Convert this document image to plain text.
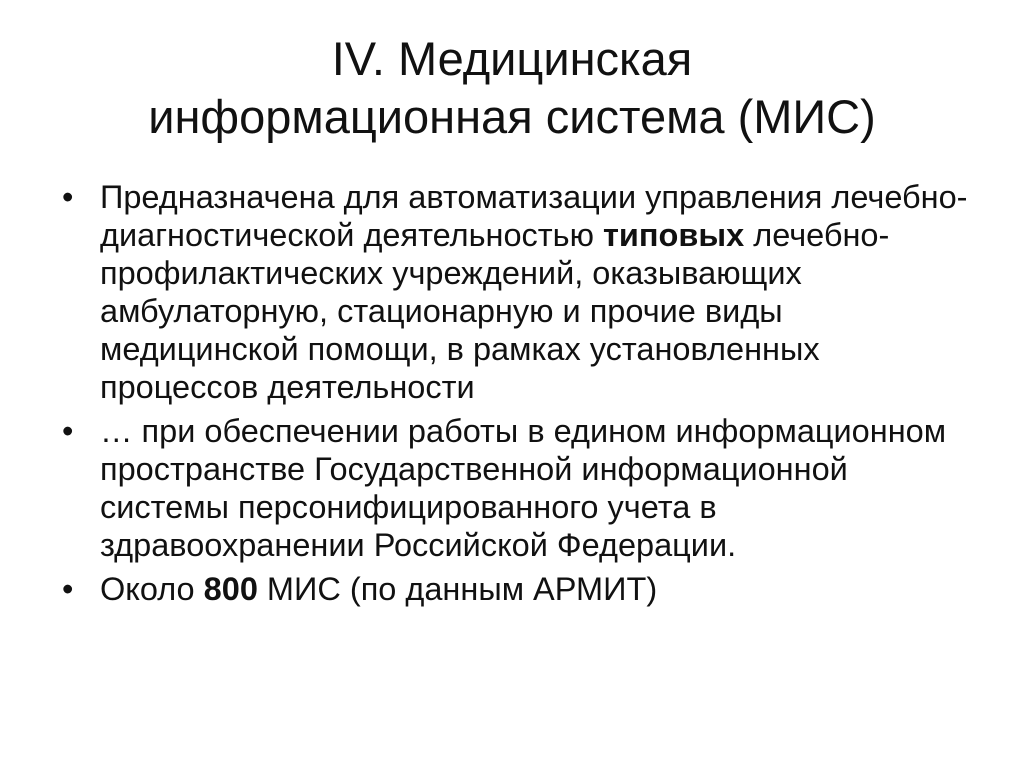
IV. Медицинская
информационная система (МИС)
• Предназначена для автоматизации управления лечебно-диагностической деятельностью типовых лечебно-профилактических учреждений, оказывающих амбулаторную, стационарную и прочие виды медицинской помощи, в рамках установленных процессов деятельности
• … при обеспечении работы в едином информационном пространстве Государственной информационной системы персонифицированного учета в здравоохранении Российской Федерации.
• Около 800 МИС (по данным АРМИТ)
